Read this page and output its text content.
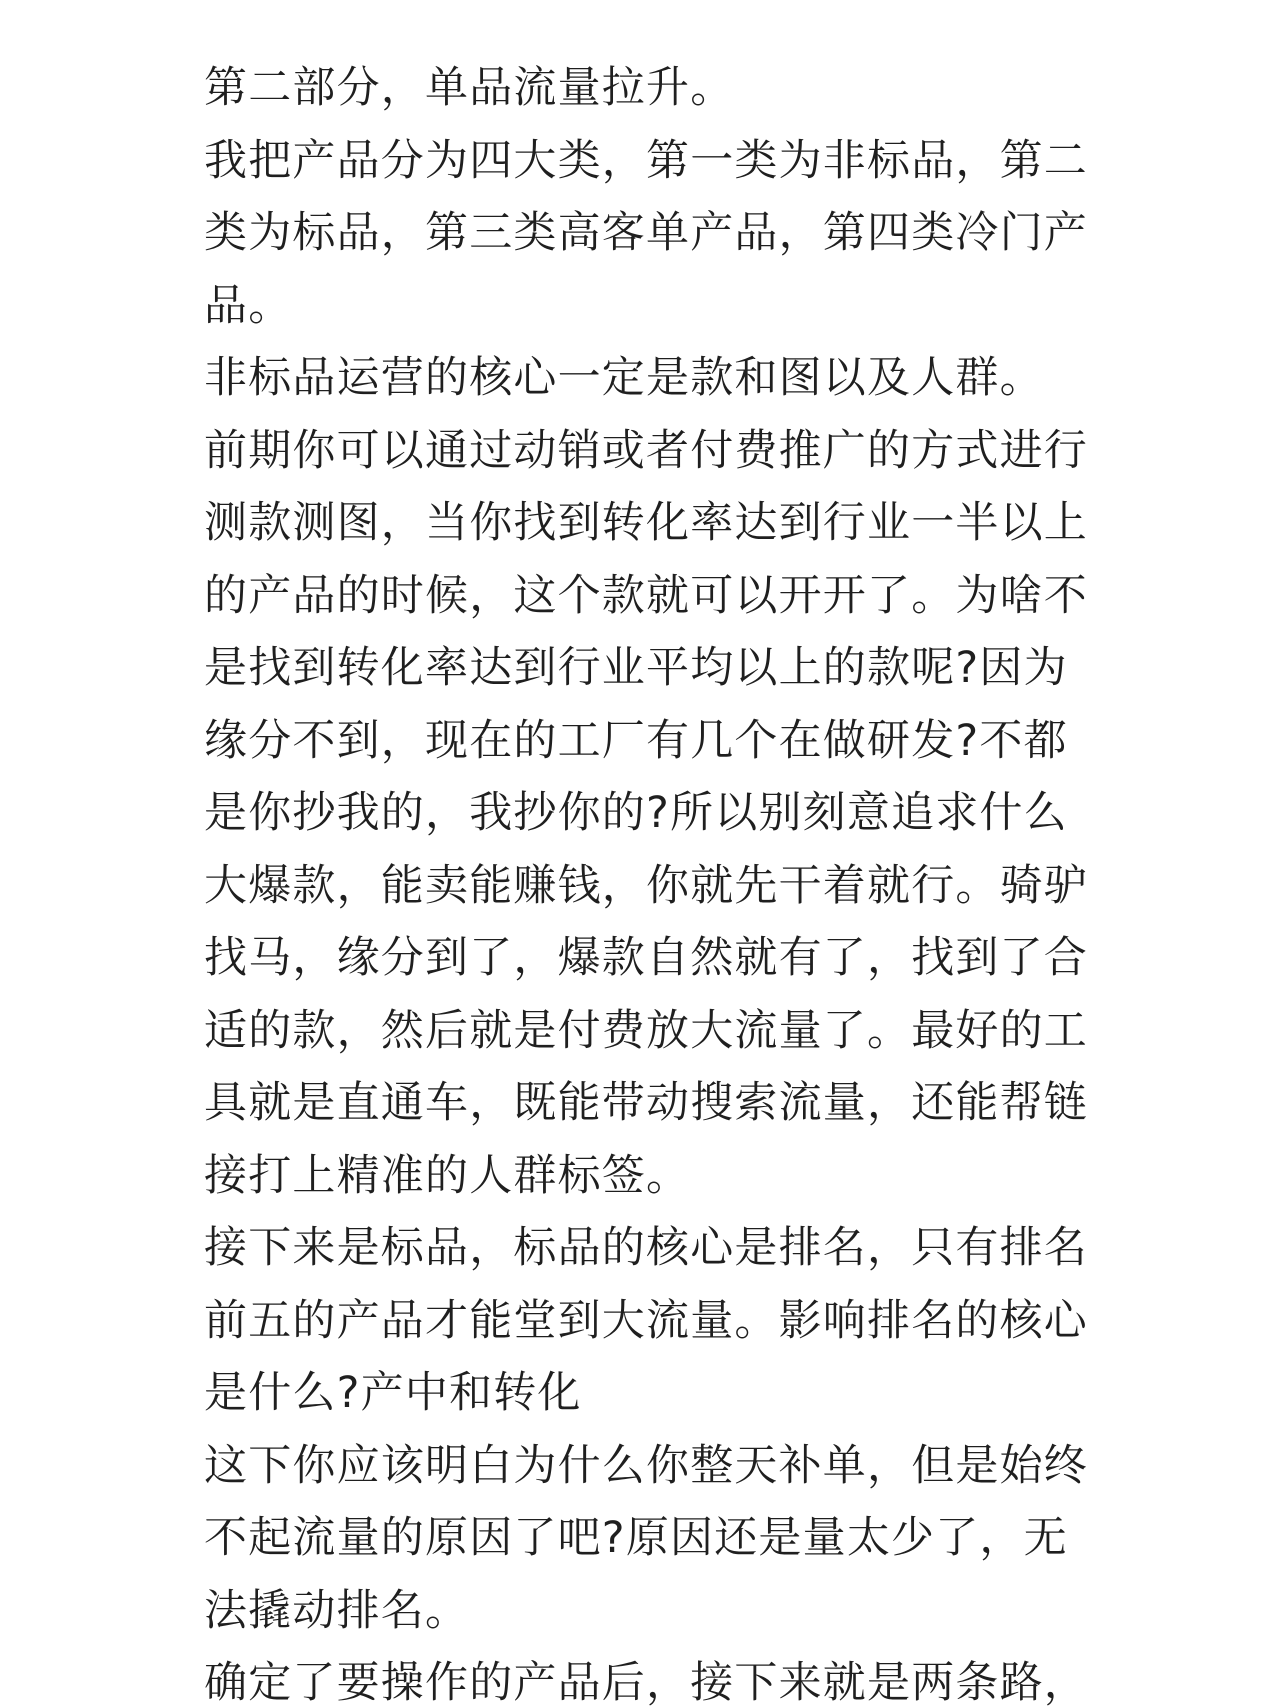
第二部分，单品流量拉升。

我把产品分为四大类，第一类为非标品，第二类为标品，第三类高客单产品，第四类冷门产品。

非标品运营的核心一定是款和图以及人群。

前期你可以通过动销或者付费推广的方式进行测款测图，当你找到转化率达到行业一半以上的产品的时候，这个款就可以开开了。为啥不是找到转化率达到行业平均以上的款呢?因为缘分不到，现在的工厂有几个在做研发?不都是你抄我的，我抄你的?所以别刻意追求什么大爆款，能卖能赚钱，你就先干着就行。骑驴找马，缘分到了，爆款自然就有了，找到了合适的款，然后就是付费放大流量了。最好的工具就是直通车，既能带动搜索流量，还能帮链接打上精准的人群标签。

接下来是标品，标品的核心是排名，只有排名前五的产品才能堂到大流量。影响排名的核心是什么?产中和转化

这下你应该明白为什么你整天补单，但是始终不起流量的原因了吧?原因还是量太少了，无法撬动排名。

确定了要操作的产品后，接下来就是两条路，
